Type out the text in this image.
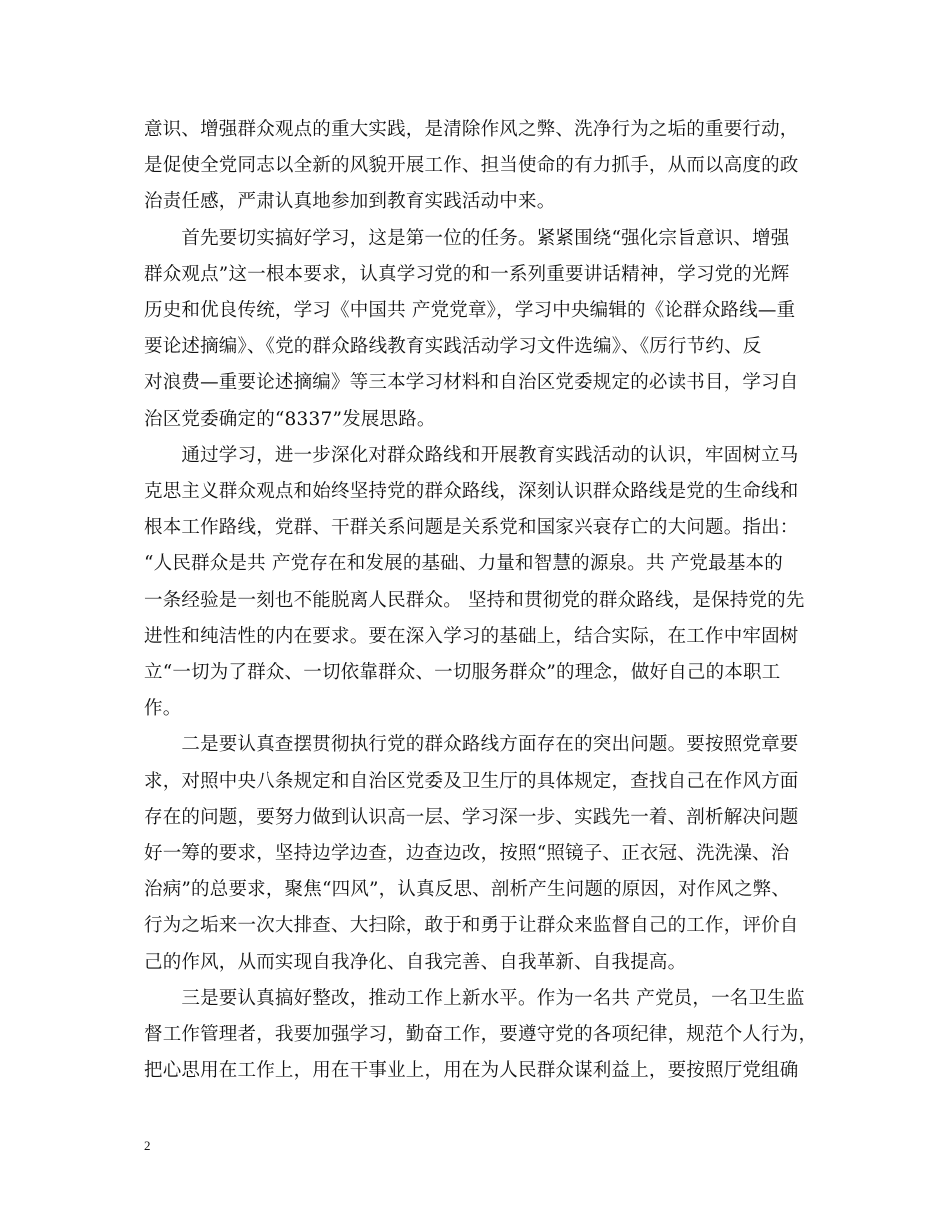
意识、增强群众观点的重大实践，是清除作风之弊、洗净行为之垢的重要行动，
是促使全党同志以全新的风貌开展工作、担当使命的有力抓手，从而以高度的政
治责任感，严肃认真地参加到教育实践活动中来。
　　首先要切实搞好学习，这是第一位的任务。紧紧围绕“强化宗旨意识、增强
群众观点”这一根本要求，认真学习党的和一系列重要讲话精神，学习党的光辉
历史和优良传统，学习《中国共 产党党章》，学习中央编辑的《论群众路线—重
要论述摘编》、《党的群众路线教育实践活动学习文件选编》、《厉行节约、反
对浪费—重要论述摘编》等三本学习材料和自治区党委规定的必读书目，学习自
治区党委确定的“8337”发展思路。
　　通过学习，进一步深化对群众路线和开展教育实践活动的认识，牢固树立马
克思主义群众观点和始终坚持党的群众路线，深刻认识群众路线是党的生命线和
根本工作路线，党群、干群关系问题是关系党和国家兴衰存亡的大问题。指出：
“人民群众是共 产党存在和发展的基础、力量和智慧的源泉。共 产党最基本的
一条经验是一刻也不能脱离人民群众。 坚持和贯彻党的群众路线，是保持党的先
进性和纯洁性的内在要求。要在深入学习的基础上，结合实际，在工作中牢固树
立“一切为了群众、一切依靠群众、一切服务群众”的理念，做好自己的本职工
作。
　　二是要认真查摆贯彻执行党的群众路线方面存在的突出问题。要按照党章要
求，对照中央八条规定和自治区党委及卫生厅的具体规定，查找自己在作风方面
存在的问题，要努力做到认识高一层、学习深一步、实践先一着、剖析解决问题
好一筹的要求，坚持边学边查，边查边改，按照“照镜子、正衣冠、洗洗澡、治
治病”的总要求，聚焦“四风”，认真反思、剖析产生问题的原因，对作风之弊、
行为之垢来一次大排查、大扫除，敢于和勇于让群众来监督自己的工作，评价自
己的作风，从而实现自我净化、自我完善、自我革新、自我提高。
　　三是要认真搞好整改，推动工作上新水平。作为一名共 产党员，一名卫生监
督工作管理者，我要加强学习，勤奋工作，要遵守党的各项纪律，规范个人行为，
把心思用在工作上，用在干事业上，用在为人民群众谋利益上，要按照厅党组确
2
